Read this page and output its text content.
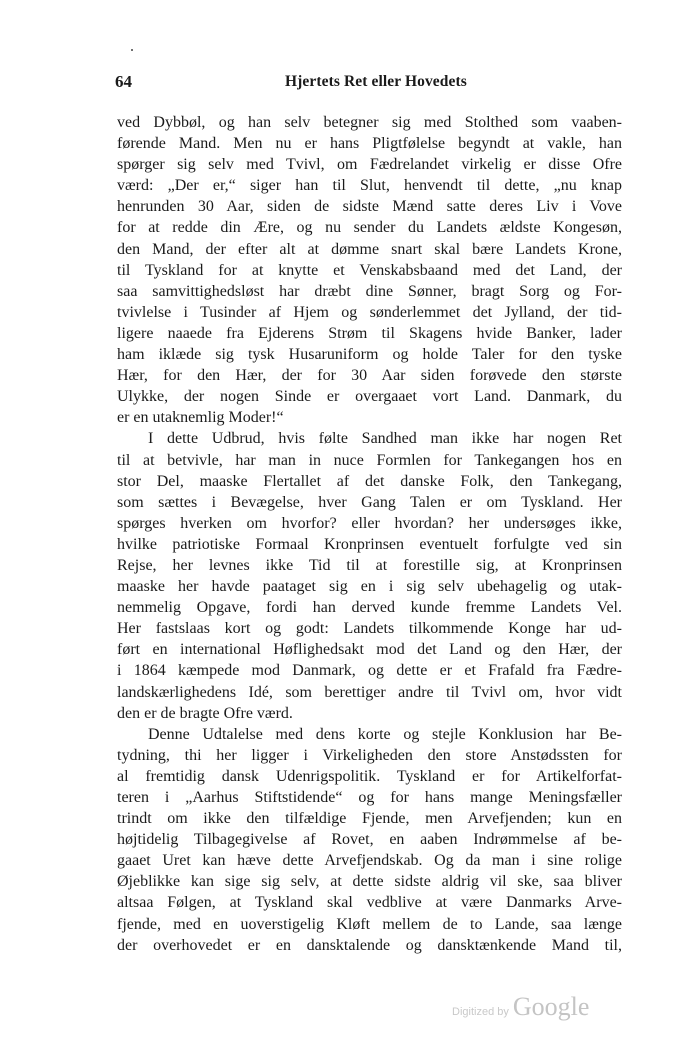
64	Hjertets Ret eller Hovedets
ved Dybbøl, og han selv betegner sig med Stolthed som vaaben-
førende Mand. Men nu er hans Pligtfølelse begyndt at vakle, han
spørger sig selv med Tvivl, om Fædrelandet virkelig er disse Ofre
værd: „Der er,“ siger han til Slut, henvendt til dette, „nu knap
henrunden 30 Aar, siden de sidste Mænd satte deres Liv i Vove
for at redde din Ære, og nu sender du Landets ældste Kongesøn,
den Mand, der efter alt at dømme snart skal bære Landets Krone,
til Tyskland for at knytte et Venskabsbaand med det Land, der
saa samvittighedsløst har dræbt dine Sønner, bragt Sorg og For-
tvivlelse i Tusinder af Hjem og sønderlemmet det Jylland, der tid-
ligere naaede fra Ejderens Strøm til Skagens hvide Banker, lader
ham iklæde sig tysk Husaruniform og holde Taler for den tyske
Hær, for den Hær, der for 30 Aar siden forøvede den største
Ulykke, der nogen Sinde er overgaaet vort Land. Danmark, du
er en utaknemlig Moder!“
I dette Udbrud, hvis følte Sandhed man ikke har nogen Ret
til at betvivle, har man in nuce Formlen for Tankegangen hos en
stor Del, maaske Flertallet af det danske Folk, den Tankegang,
som sættes i Bevægelse, hver Gang Talen er om Tyskland. Her
spørges hverken om hvorfor? eller hvordan? her undersøges ikke,
hvilke patriotiske Formaal Kronprinsen eventuelt forfulgte ved sin
Rejse, her levnes ikke Tid til at forestille sig, at Kronprinsen
maaske her havde paataget sig en i sig selv ubehagelig og utak-
nemmelig Opgave, fordi han derved kunde fremme Landets Vel.
Her fastslaas kort og godt: Landets tilkommende Konge har ud-
ført en international Høflighedsakt mod det Land og den Hær, der
i 1864 kæmpede mod Danmark, og dette er et Frafald fra Fædre-
landskærlighedens Idé, som berettiger andre til Tvivl om, hvor vidt
den er de bragte Ofre værd.
Denne Udtalelse med dens korte og stejle Konklusion har Be-
tydning, thi her ligger i Virkeligheden den store Anstødssten for
al fremtidig dansk Udenrigspolitik. Tyskland er for Artikelforfat-
teren i „Aarhus Stiftstidende“ og for hans mange Meningsfæller
trindt om ikke den tilfældige Fjende, men Arvefjenden; kun en
højtidelig Tilbagegivelse af Rovet, en aaben Indrømmelse af be-
gaaet Uret kan hæve dette Arvefjendskab. Og da man i sine rolige
Øjeblikke kan sige sig selv, at dette sidste aldrig vil ske, saa bliver
altsaa Følgen, at Tyskland skal vedblive at være Danmarks Arve-
fjende, med en uoverstigelig Kløft mellem de to Lande, saa længe
der overhovedet er en dansktalende og dansktænkende Mand til,
Digitized by Google
